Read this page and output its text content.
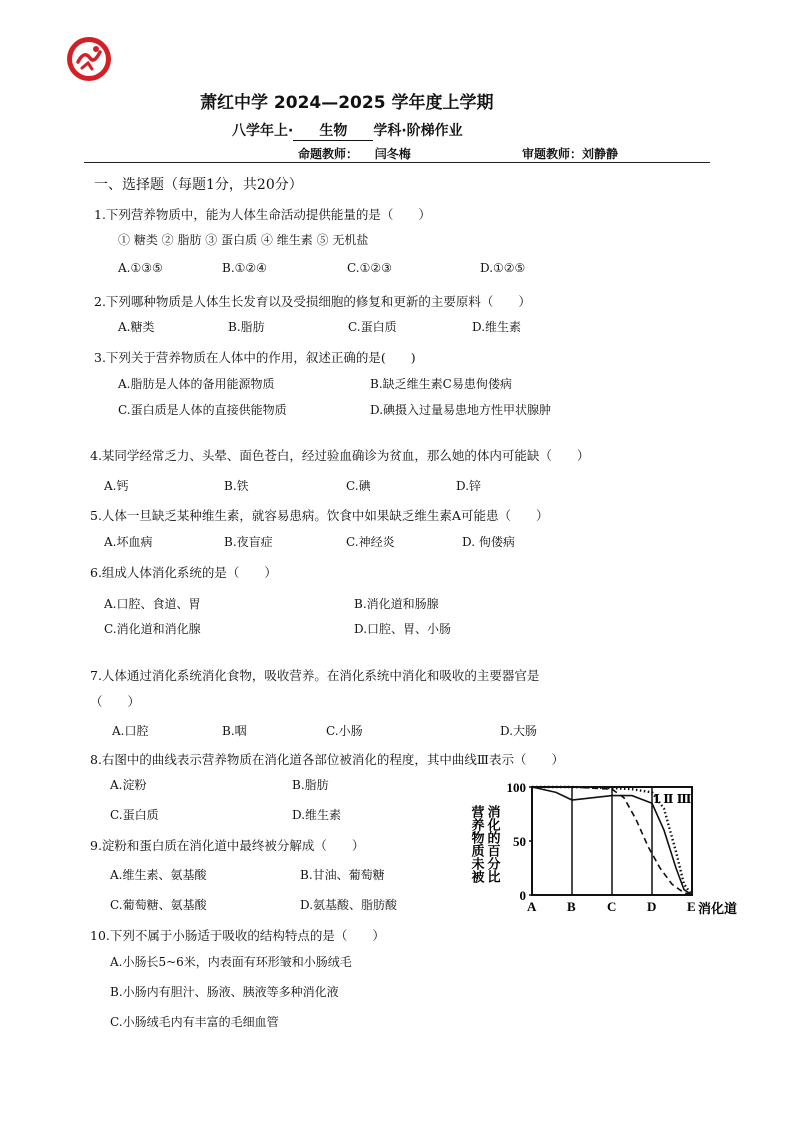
萧红中学 2024—2025 学年度上学期
八学年上· 生物 学科·阶梯作业
命题教师： 闫冬梅	审题教师：刘静静
一、选择题（每题1分，共20分）
1.下列营养物质中，能为人体生命活动提供能量的是（　　）
① 糖类 ② 脂肪 ③ 蛋白质 ④ 维生素 ⑤ 无机盐
A.①③⑤	B.①②④	C.①②③	D.①②⑤
2.下列哪种物质是人体生长发育以及受损细胞的修复和更新的主要原料（　　）
A.糖类	B.脂肪	C.蛋白质	D.维生素
3.下列关于营养物质在人体中的作用，叙述正确的是(　　)
A.脂肪是人体的备用能源物质	B.缺乏维生素C易患佝偻病
C.蛋白质是人体的直接供能物质	D.碘摄入过量易患地方性甲状腺肿
4.某同学经常乏力、头晕、面色苍白，经过验血确诊为贫血，那么她的体内可能缺（　　）
A.钙	B.铁	C.碘	D.锌
5.人体一旦缺乏某种维生素，就容易患病。饮食中如果缺乏维生素A可能患（　　）
A.坏血病	B.夜盲症	C.神经炎	D. 佝偻病
6.组成人体消化系统的是（　　）
A.口腔、食道、胃	B.消化道和肠腺
C.消化道和消化腺	D.口腔、胃、小肠
7.人体通过消化系统消化食物，吸收营养。在消化系统中消化和吸收的主要器官是
（　　）
A.口腔	B.咽	C.小肠	D.大肠
8.右图中的曲线表示营养物质在消化道各部位被消化的程度，其中曲线Ⅲ表示（　　）
A.淀粉	B.脂肪
C.蛋白质	D.维生素
9.淀粉和蛋白质在消化道中最终被分解成（　　）
A.维生素、氨基酸	B.甘油、葡萄糖
C.葡萄糖、氨基酸	D.氨基酸、脂肪酸
10.下列不属于小肠适于吸收的结构特点的是（　　）
A.小肠长5~6米，内表面有环形皱和小肠绒毛
B.小肠内有胆汁、肠液、胰液等多种消化液
C.小肠绒毛内有丰富的毛细血管
营养物质未被 消化的百分比
消化道
A B C D E
100
50
0
Ⅰ Ⅱ Ⅲ
